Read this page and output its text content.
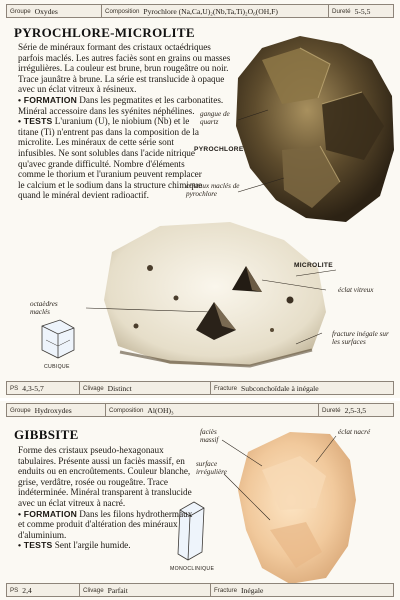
Groupe Oxydes	Composition Pyrochlore (Na,Ca,U)₂(Nb,Ta,Ti)₂O₆(OH,F)	Dureté 5-5,5
PYROCHLORE-MICROLITE

Série de minéraux formant des cristaux octaédriques parfois maclés. Les autres faciès sont en grains ou masses irrégulières. La couleur est brune, brun rougeâtre ou noir. Trace jaunâtre à brune. La série est translucide à opaque avec un éclat vitreux à résineux.

• FORMATION Dans les pegmatites et les carbonatites. Minéral accessoire dans les syénites néphélines.

• TESTS L'uranium (U), le niobium (Nb) et le titane (Ti) n'entrent pas dans la composition de la microlite. Les minéraux de cette série sont infusibles. Ne sont solubles dans l'acide nitrique qu'avec grande difficulté. Nombre d'éléments comme le thorium et l'uranium peuvent remplacer le calcium et le sodium dans la structure chimique quand le minéral devient radioactif.

gangue de quartz
PYROCHLORE
cristaux maclés de pyrochlore
MICROLITE
éclat vitreux
octaèdres maclés
fracture inégale sur les surfaces
CUBIQUE
PS 4,3-5,7	Clivage Distinct	Fracture Subconchoïdale à inégale
Groupe Hydroxydes	Composition Al(OH)₃	Dureté 2,5-3,5
GIBBSITE

Forme des cristaux pseudo-hexagonaux tabulaires. Présente aussi un faciès massif, en enduits ou en encroûtements. Couleur blanche, grise, verdâtre, rosée ou rougeâtre. Trace indéterminée. Minéral transparent à translucide avec un éclat vitreux à nacré.

• FORMATION Dans les filons hydrothermaux et comme produit d'altération des minéraux d'aluminium.

• TESTS Sent l'argile humide.

faciès massif
surface irrégulière
éclat nacré
MONOCLINIQUE
PS 2,4	Clivage Parfait	Fracture Inégale
